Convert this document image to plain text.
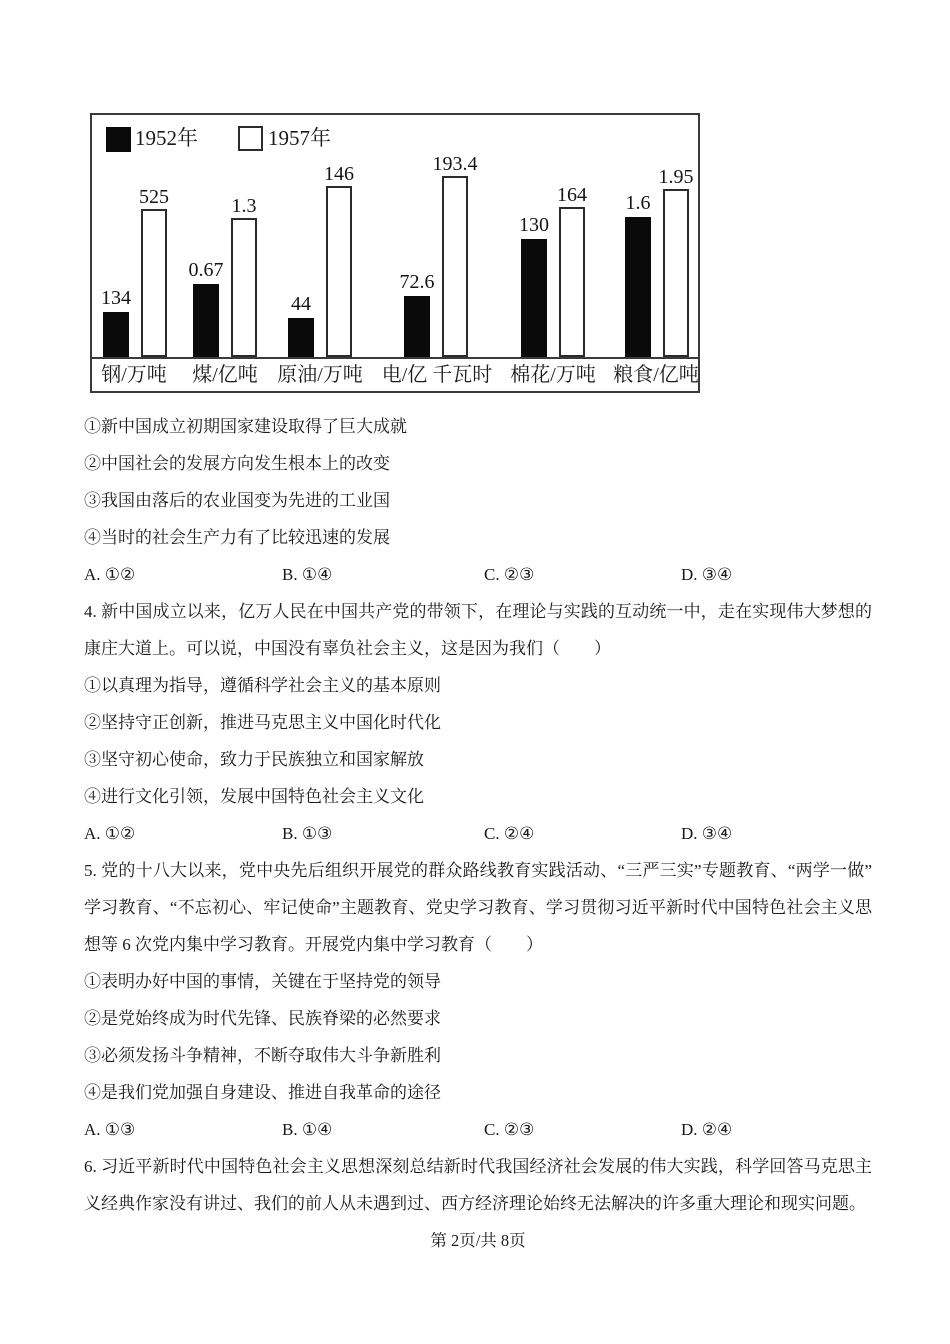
1952年	1957年
134
525
0.67
1.3
44
146
72.6
193.4
130
164 1.6
1.95
钢/万吨 煤/亿吨 原油/万吨 电/亿 千瓦时 棉花/万吨 粮食/亿吨
①新中国成立初期国家建设取得了巨大成就
②中国社会的发展方向发生根本上的改变
③我国由落后的农业国变为先进的工业国
④当时的社会生产力有了比较迅速的发展
A. ①②	B. ①④	C. ②③	D. ③④
4. 新中国成立以来，亿万人民在中国共产党的带领下，在理论与实践的互动统一中，走在实现伟大梦想的
康庄大道上。可以说，中国没有辜负社会主义，这是因为我们（　　）
①以真理为指导，遵循科学社会主义的基本原则
②坚持守正创新，推进马克思主义中国化时代化
③坚守初心使命，致力于民族独立和国家解放
④进行文化引领，发展中国特色社会主义文化
A. ①②	B. ①③	C. ②④	D. ③④
5. 党的十八大以来，党中央先后组织开展党的群众路线教育实践活动、“三严三实”专题教育、“两学一做”
学习教育、“不忘初心、牢记使命”主题教育、党史学习教育、学习贯彻习近平新时代中国特色社会主义思
想等 6 次党内集中学习教育。开展党内集中学习教育（　　）
①表明办好中国的事情，关键在于坚持党的领导
②是党始终成为时代先锋、民族脊梁的必然要求
③必须发扬斗争精神，不断夺取伟大斗争新胜利
④是我们党加强自身建设、推进自我革命的途径
A. ①③	B. ①④	C. ②③	D. ②④
6. 习近平新时代中国特色社会主义思想深刻总结新时代我国经济社会发展的伟大实践，科学回答马克思主
义经典作家没有讲过、我们的前人从未遇到过、西方经济理论始终无法解决的许多重大理论和现实问题。
第 2页/共 8页
